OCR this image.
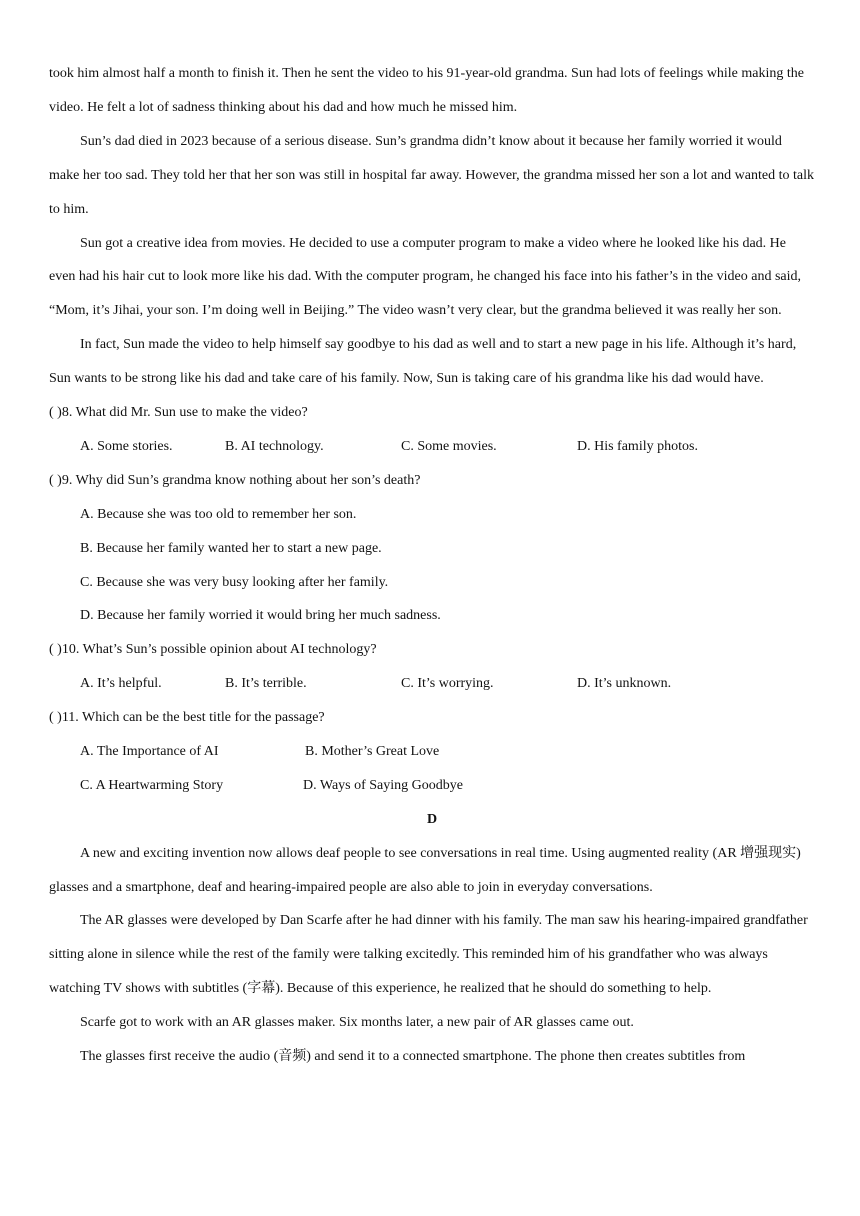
took him almost half a month to finish it. Then he sent the video to his 91-year-old grandma. Sun had lots of feelings while making the video. He felt a lot of sadness thinking about his dad and how much he missed him.

Sun’s dad died in 2023 because of a serious disease. Sun’s grandma didn’t know about it because her family worried it would make her too sad. They told her that her son was still in hospital far away. However, the grandma missed her son a lot and wanted to talk to him.

Sun got a creative idea from movies. He decided to use a computer program to make a video where he looked like his dad. He even had his hair cut to look more like his dad. With the computer program, he changed his face into his father’s in the video and said, “Mom, it’s Jihai, your son. I’m doing well in Beijing.” The video wasn’t very clear, but the grandma believed it was really her son.

In fact, Sun made the video to help himself say goodbye to his dad as well and to start a new page in his life. Although it’s hard, Sun wants to be strong like his dad and take care of his family. Now, Sun is taking care of his grandma like his dad would have.

( )8. What did Mr. Sun use to make the video?
A. Some stories.	B. AI technology.	C. Some movies.	D. His family photos.
( )9. Why did Sun’s grandma know nothing about her son’s death?
A. Because she was too old to remember her son.
B. Because her family wanted her to start a new page.
C. Because she was very busy looking after her family.
D. Because her family worried it would bring her much sadness.
( )10. What’s Sun’s possible opinion about AI technology?
A. It’s helpful.	B. It’s terrible.	C. It’s worrying.	D. It’s unknown.
( )11. Which can be the best title for the passage?
A. The Importance of AI	B. Mother’s Great Love
C. A Heartwarming Story	D. Ways of Saying Goodbye
D

A new and exciting invention now allows deaf people to see conversations in real time. Using augmented reality (AR 增强现实) glasses and a smartphone, deaf and hearing-impaired people are also able to join in everyday conversations.

The AR glasses were developed by Dan Scarfe after he had dinner with his family. The man saw his hearing-impaired grandfather sitting alone in silence while the rest of the family were talking excitedly. This reminded him of his grandfather who was always watching TV shows with subtitles (字幕). Because of this experience, he realized that he should do something to help.

Scarfe got to work with an AR glasses maker. Six months later, a new pair of AR glasses came out.

The glasses first receive the audio (音频) and send it to a connected smartphone. The phone then creates subtitles from
